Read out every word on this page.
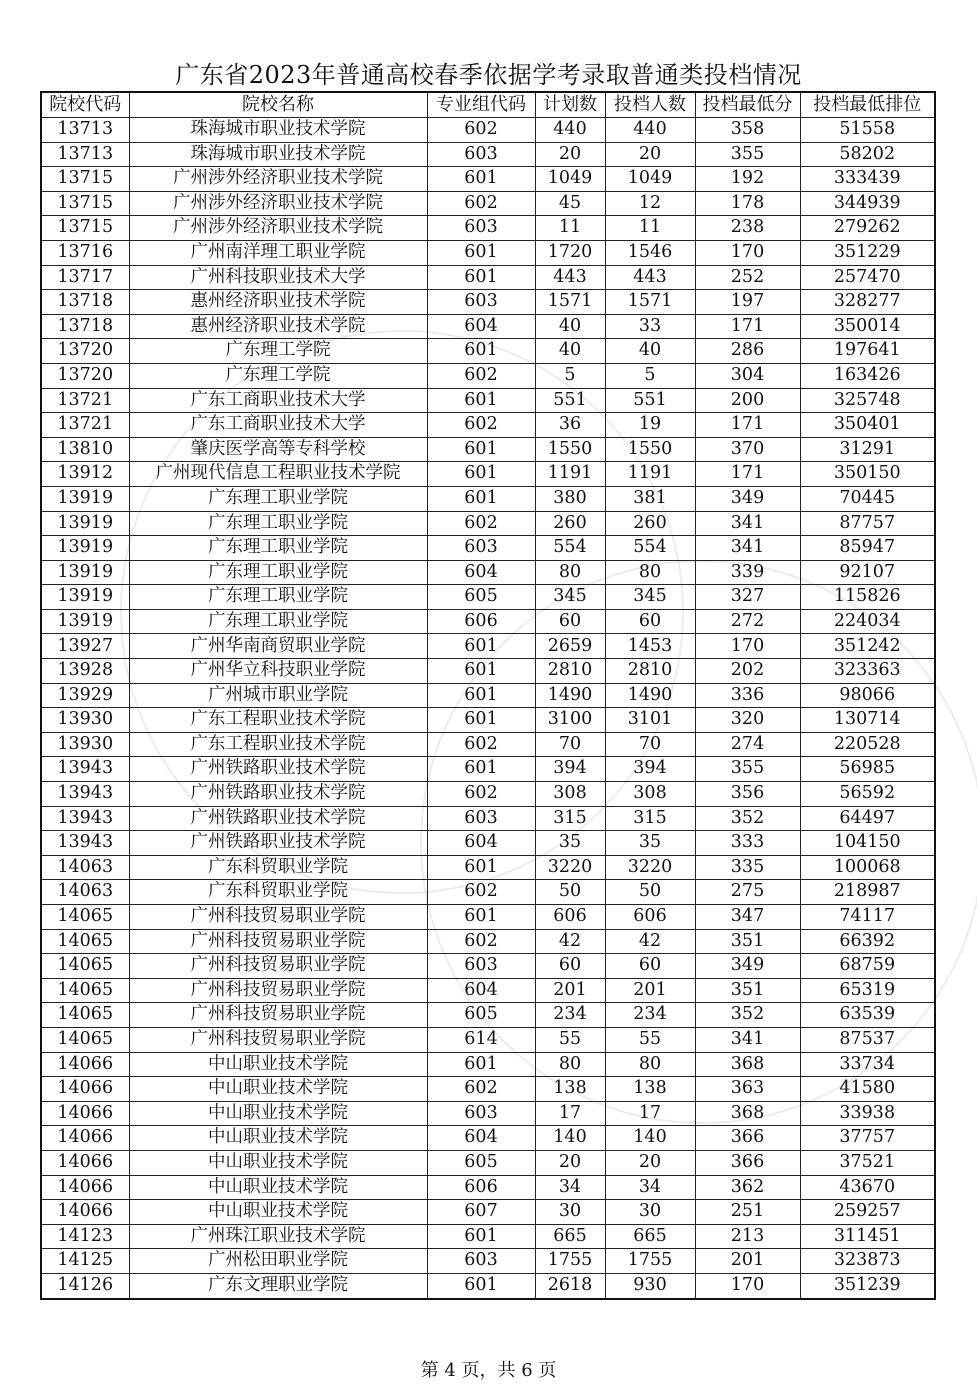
广东省2023年普通高校春季依据学考录取普通类投档情况
院校代码	院校名称	专业组代码	计划数	投档人数	投档最低分	投档最低排位
13713	珠海城市职业技术学院	602	440	440	358	51558
13713	珠海城市职业技术学院	603	20	20	355	58202
13715	广州涉外经济职业技术学院	601	1049	1049	192	333439
13715	广州涉外经济职业技术学院	602	45	12	178	344939
13715	广州涉外经济职业技术学院	603	11	11	238	279262
13716	广州南洋理工职业学院	601	1720	1546	170	351229
13717	广州科技职业技术大学	601	443	443	252	257470
13718	惠州经济职业技术学院	603	1571	1571	197	328277
13718	惠州经济职业技术学院	604	40	33	171	350014
13720	广东理工学院	601	40	40	286	197641
13720	广东理工学院	602	5	5	304	163426
13721	广东工商职业技术大学	601	551	551	200	325748
13721	广东工商职业技术大学	602	36	19	171	350401
13810	肇庆医学高等专科学校	601	1550	1550	370	31291
13912	广州现代信息工程职业技术学院	601	1191	1191	171	350150
13919	广东理工职业学院	601	380	381	349	70445
13919	广东理工职业学院	602	260	260	341	87757
13919	广东理工职业学院	603	554	554	341	85947
13919	广东理工职业学院	604	80	80	339	92107
13919	广东理工职业学院	605	345	345	327	115826
13919	广东理工职业学院	606	60	60	272	224034
13927	广州华南商贸职业学院	601	2659	1453	170	351242
13928	广州华立科技职业学院	601	2810	2810	202	323363
13929	广州城市职业学院	601	1490	1490	336	98066
13930	广东工程职业技术学院	601	3100	3101	320	130714
13930	广东工程职业技术学院	602	70	70	274	220528
13943	广州铁路职业技术学院	601	394	394	355	56985
13943	广州铁路职业技术学院	602	308	308	356	56592
13943	广州铁路职业技术学院	603	315	315	352	64497
13943	广州铁路职业技术学院	604	35	35	333	104150
14063	广东科贸职业学院	601	3220	3220	335	100068
14063	广东科贸职业学院	602	50	50	275	218987
14065	广州科技贸易职业学院	601	606	606	347	74117
14065	广州科技贸易职业学院	602	42	42	351	66392
14065	广州科技贸易职业学院	603	60	60	349	68759
14065	广州科技贸易职业学院	604	201	201	351	65319
14065	广州科技贸易职业学院	605	234	234	352	63539
14065	广州科技贸易职业学院	614	55	55	341	87537
14066	中山职业技术学院	601	80	80	368	33734
14066	中山职业技术学院	602	138	138	363	41580
14066	中山职业技术学院	603	17	17	368	33938
14066	中山职业技术学院	604	140	140	366	37757
14066	中山职业技术学院	605	20	20	366	37521
14066	中山职业技术学院	606	34	34	362	43670
14066	中山职业技术学院	607	30	30	251	259257
14123	广州珠江职业技术学院	601	665	665	213	311451
14125	广州松田职业学院	603	1755	1755	201	323873
14126	广东文理职业学院	601	2618	930	170	351239
第 4 页，共 6 页
